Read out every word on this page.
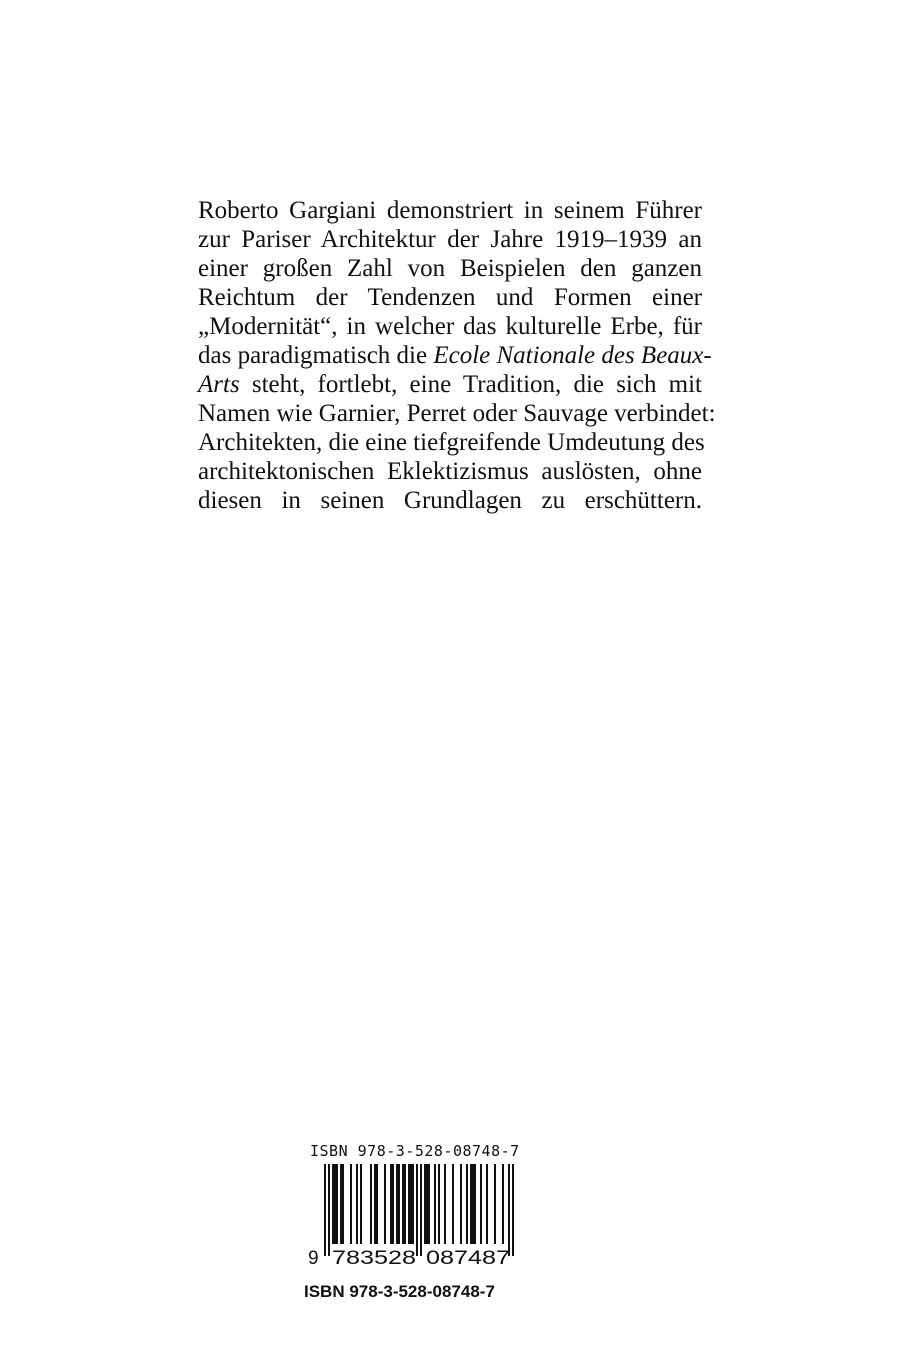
Roberto Gargiani demonstriert in seinem Führer
zur Pariser Architektur der Jahre 1919–1939 an
einer großen Zahl von Beispielen den ganzen
Reichtum der Tendenzen und Formen einer
„Modernität“, in welcher das kulturelle Erbe, für
das paradigmatisch die Ecole Nationale des Beaux-
Arts steht, fortlebt, eine Tradition, die sich mit
Namen wie Garnier, Perret oder Sauvage verbindet:
Architekten, die eine tiefgreifende Umdeutung des
architektonischen Eklektizismus auslösten, ohne
diesen in seinen Grundlagen zu erschüttern.
ISBN 978-3-528-08748-7
9 783528 087487
ISBN 978-3-528-08748-7
